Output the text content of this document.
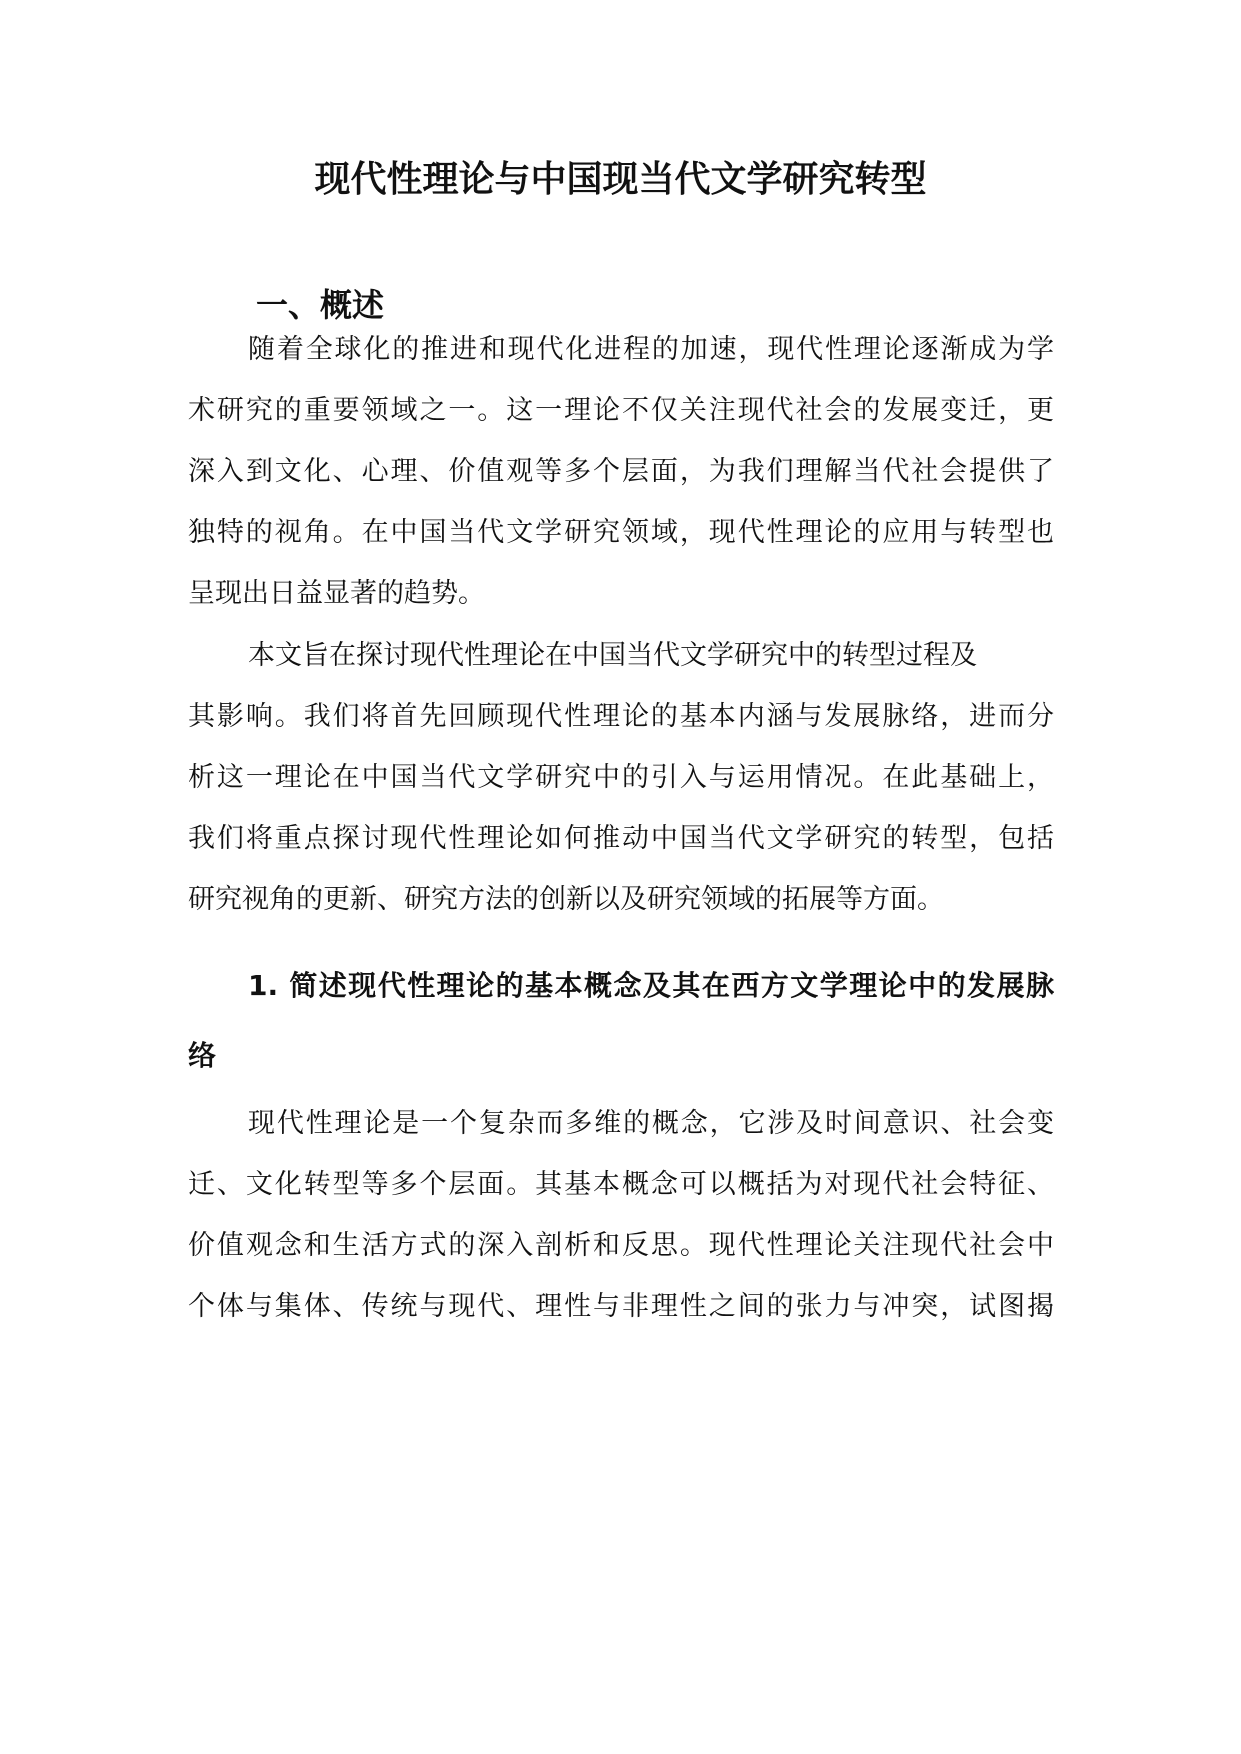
现代性理论与中国现当代文学研究转型
一、概述
随着全球化的推进和现代化进程的加速，现代性理论逐渐成为学
术研究的重要领域之一。这一理论不仅关注现代社会的发展变迁，更
深入到文化、心理、价值观等多个层面，为我们理解当代社会提供了
独特的视角。在中国当代文学研究领域，现代性理论的应用与转型也
呈现出日益显著的趋势。
本文旨在探讨现代性理论在中国当代文学研究中的转型过程及
其影响。我们将首先回顾现代性理论的基本内涵与发展脉络，进而分
析这一理论在中国当代文学研究中的引入与运用情况。在此基础上，
我们将重点探讨现代性理论如何推动中国当代文学研究的转型，包括
研究视角的更新、研究方法的创新以及研究领域的拓展等方面。
1. 简述现代性理论的基本概念及其在西方文学理论中的发展脉
络
现代性理论是一个复杂而多维的概念，它涉及时间意识、社会变
迁、文化转型等多个层面。其基本概念可以概括为对现代社会特征、
价值观念和生活方式的深入剖析和反思。现代性理论关注现代社会中
个体与集体、传统与现代、理性与非理性之间的张力与冲突，试图揭
